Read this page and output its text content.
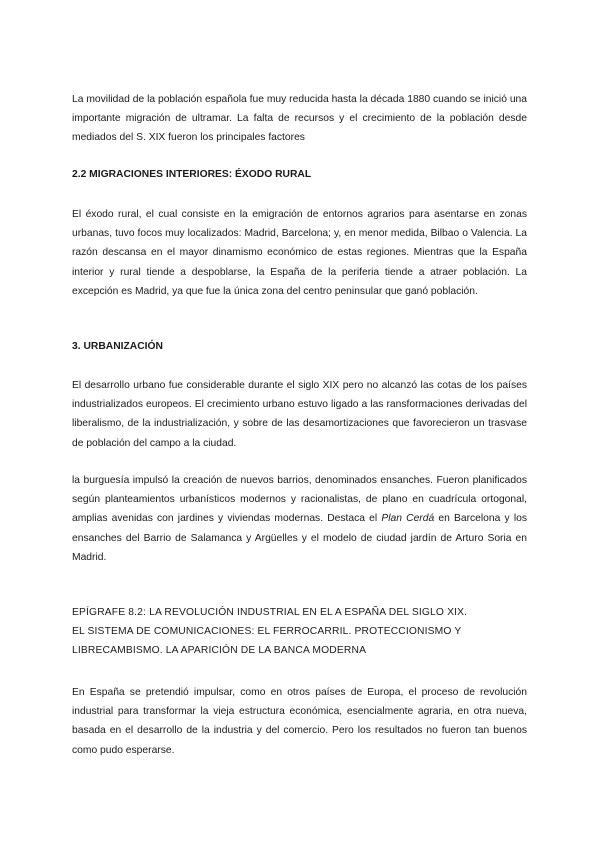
La movilidad de la población española fue muy reducida hasta la década 1880 cuando se inició una importante migración de ultramar. La falta de recursos y el crecimiento de la población desde mediados del S. XIX fueron los principales factores

2.2 MIGRACIONES INTERIORES: ÉXODO RURAL

El éxodo rural, el cual consiste en la emigración de entornos agrarios para asentarse en zonas urbanas, tuvo focos muy localizados: Madrid, Barcelona; y, en menor medida, Bilbao o Valencia. La razón descansa en el mayor dinamismo económico de estas regiones. Mientras que la España interior y rural tiende a despoblarse, la España de la periferia tiende a atraer población. La excepción es Madrid, ya que fue la única zona del centro peninsular que ganó población.

3. URBANIZACIÓN

El desarrollo urbano fue considerable durante el siglo XIX pero no alcanzó las cotas de los países industrializados europeos. El crecimiento urbano estuvo ligado a las ransformaciones derivadas del liberalismo, de la industrialización, y sobre de las desamortizaciones que favorecieron un trasvase de población del campo a la ciudad.

la burguesía impulsó la creación de nuevos barrios, denominados ensanches. Fueron planificados según planteamientos urbanísticos modernos y racionalistas, de plano en cuadrícula ortogonal, amplias avenidas con jardines y viviendas modernas. Destaca el Plan Cerdá en Barcelona y los ensanches del Barrio de Salamanca y Argüelles y el modelo de ciudad jardín de Arturo Soria en Madrid.

EPÍGRAFE 8.2: LA REVOLUCIÓN INDUSTRIAL EN EL A ESPAÑA DEL SIGLO XIX.
EL SISTEMA DE COMUNICACIONES: EL FERROCARRIL. PROTECCIONISMO Y
LIBRECAMBISMO. LA APARICIÓN DE LA BANCA MODERNA

En España se pretendió impulsar, como en otros países de Europa, el proceso de revolución industrial para transformar la vieja estructura económica, esencialmente agraria, en otra nueva, basada en el desarrollo de la industria y del comercio. Pero los resultados no fueron tan buenos como pudo esperarse.
